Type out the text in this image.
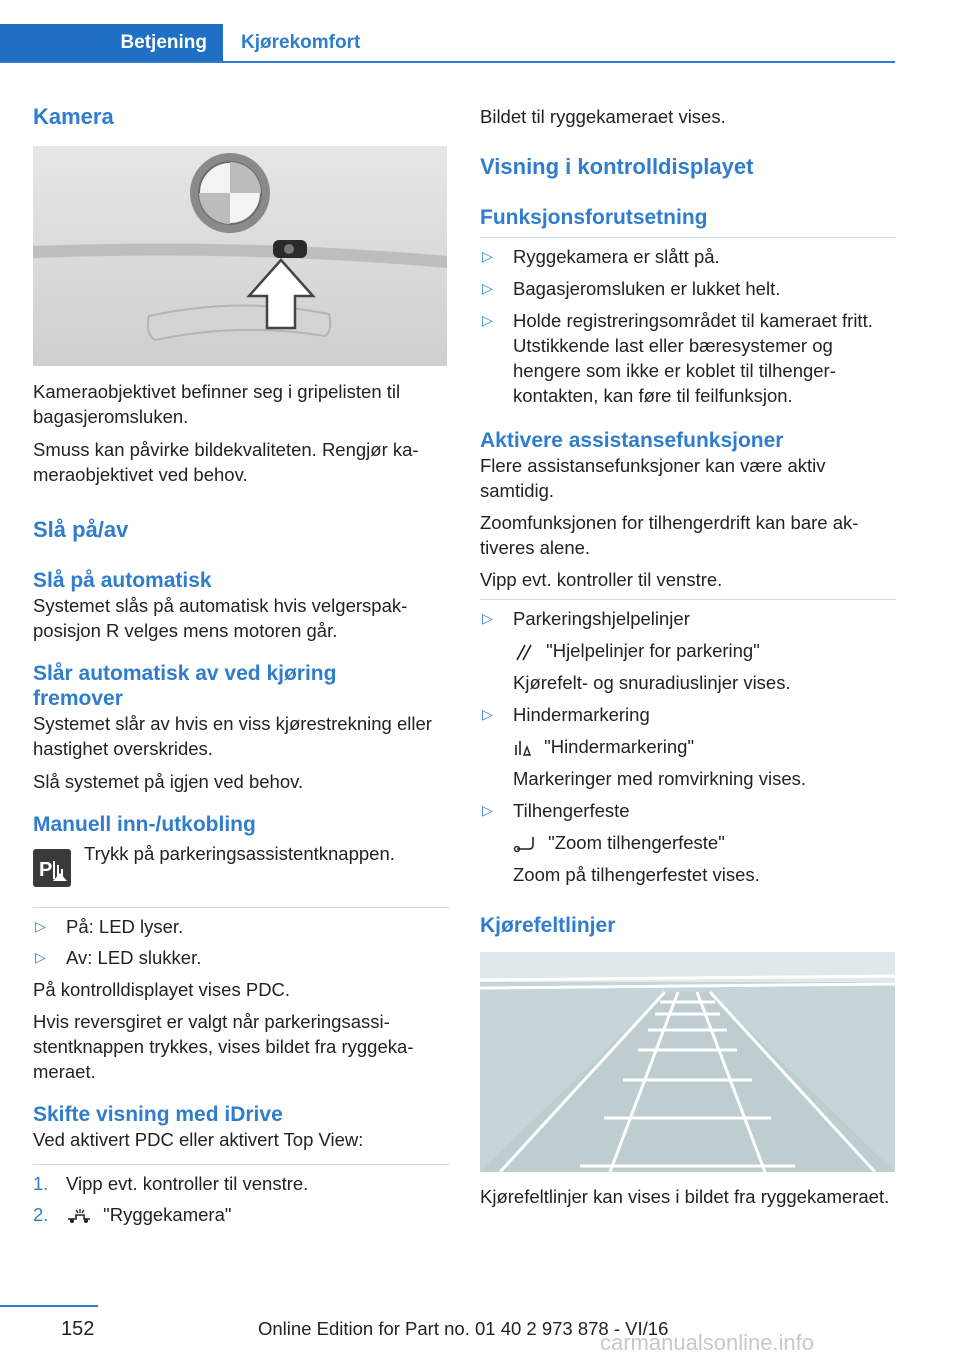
Betjening Kjørekomfort
Kamera

Kameraobjektivet befinner seg i gripelisten til bagasjeromsluken.

Smuss kan påvirke bildekvaliteten. Rengjør kameraobjektivet ved behov.

Slå på/av
Slå på automatisk

Systemet slås på automatisk hvis velgerspakposisjon R velges mens motoren går.

Slår automatisk av ved kjøring fremover

Systemet slår av hvis en viss kjørestrekning eller hastighet overskrides.

Slå systemet på igjen ved behov.

Manuell inn-/utkobling
P

Trykk på parkeringsassistentknappen.

▷ På: LED lyser.
▷ Av: LED slukker.

På kontrolldisplayet vises PDC.

Hvis reversgiret er valgt når parkeringsassistentknappen trykkes, vises bildet fra ryggekameraet.

Skifte visning med iDrive

Ved aktivert PDC eller aktivert Top View:

1. Vipp evt. kontroller til venstre.
2.	"Ryggekamera"

Bildet til ryggekameraet vises.

Visning i kontrolldisplayet
Funksjonsforutsetning
▷ Ryggekamera er slått på.
▷ Bagasjeromsluken er lukket helt.
▷ Holde registreringsområdet til kameraet fritt. Utstikkende last eller bæresystemer og hengere som ikke er koblet til tilhengerkontakten, kan føre til feilfunksjon.
Aktivere assistansefunksjoner

Flere assistansefunksjoner kan være aktiv samtidig.

Zoomfunksjonen for tilhengerdrift kan bare aktiveres alene.

Vipp evt. kontroller til venstre.

▷ Parkeringshjelpelinjer
"Hjelpelinjer for parkering"
Kjørefelt- og snuradiuslinjer vises.
▷ Hindermarkering
"Hindermarkering"
Markeringer med romvirkning vises.
▷ Tilhengerfeste
"Zoom tilhengerfeste"
Zoom på tilhengerfestet vises.
Kjørefeltlinjer

Kjørefeltlinjer kan vises i bildet fra ryggekameraet.

152	Online Edition for Part no. 01 40 2 973 878 - VI/16
carmanualsonline.info
